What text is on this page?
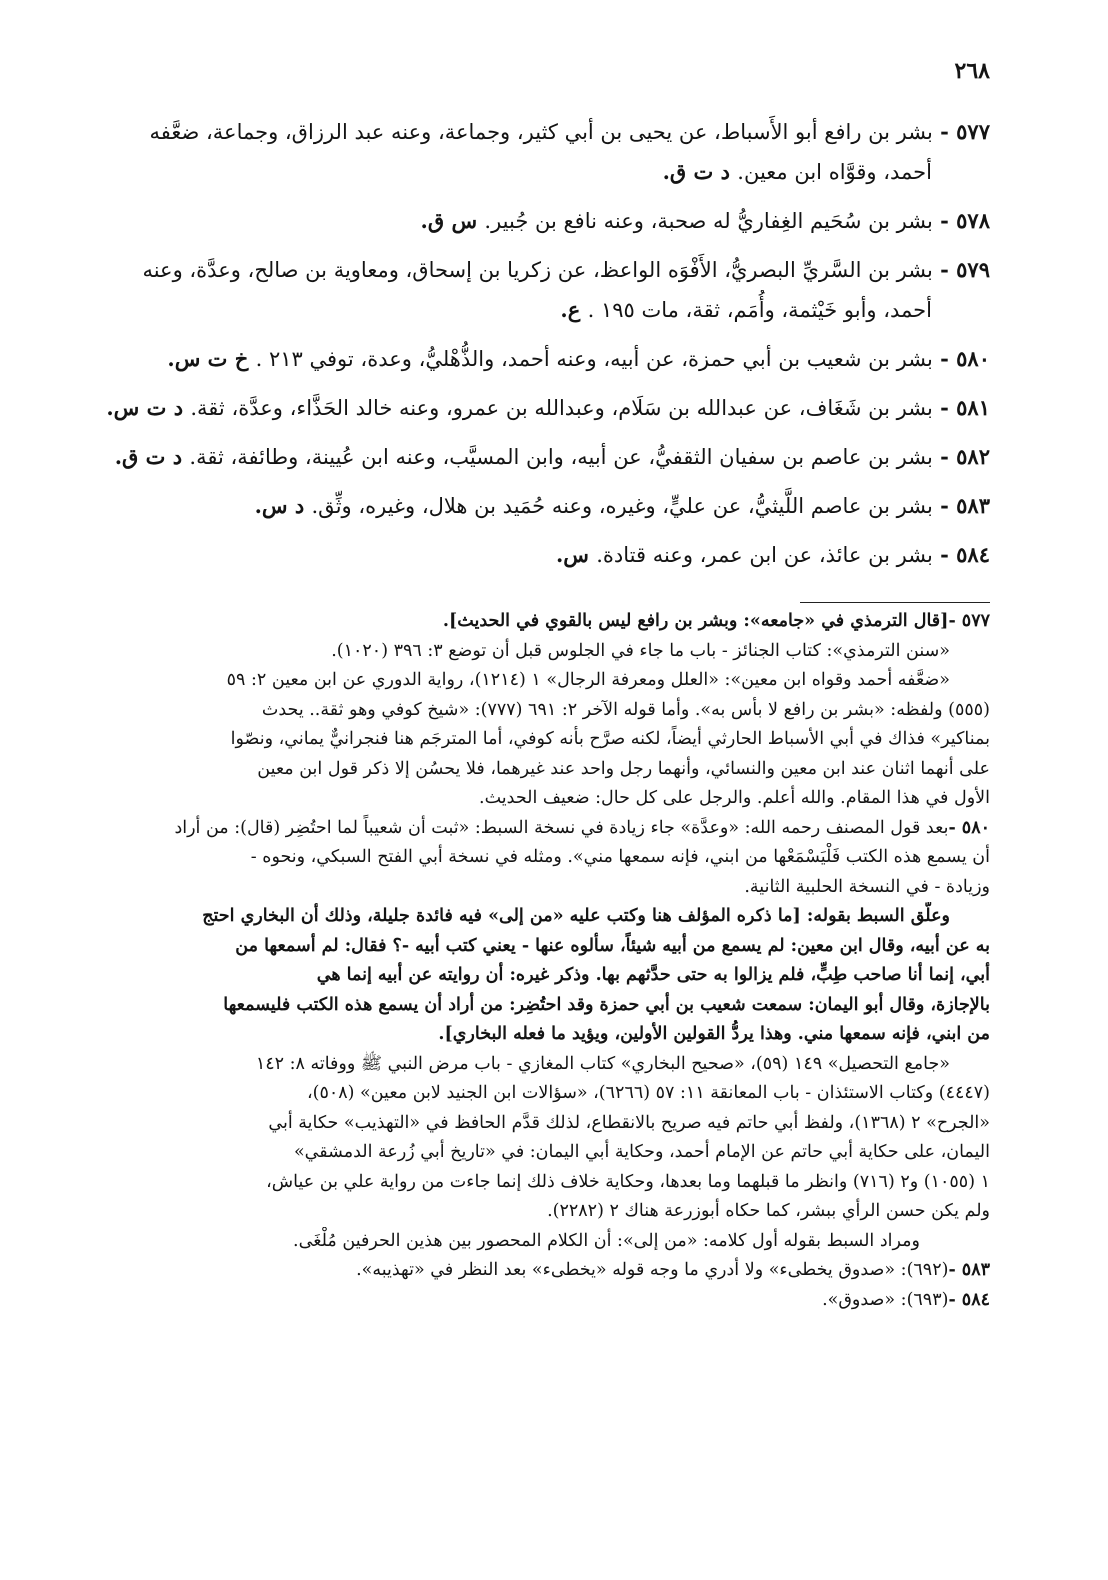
٢٦٨
٥٧٧ - بشر بن رافع أبو الأَسباط، عن يحيى بن أبي كثير، وجماعة، وعنه عبد الرزاق، وجماعة، ضعَّفه
أحمد، وقوَّاه ابن معين. د ت ق.
٥٧٨ - بشر بن سُحَيم الغِفاريُّ له صحبة، وعنه نافع بن جُبير. س ق.
٥٧٩ - بشر بن السَّريِّ البصريُّ، الأَفْوَه الواعظ، عن زكريا بن إسحاق، ومعاوية بن صالح، وعدَّة، وعنه
أحمد، وأبو خَيْثمة، وأُمَم، ثقة، مات ١٩٥ . ع.
٥٨٠ - بشر بن شعيب بن أبي حمزة، عن أبيه، وعنه أحمد، والذُّهْليُّ، وعدة، توفي ٢١٣ . خ ت س.
٥٨١ - بشر بن شَغَاف، عن عبدالله بن سَلَام، وعبدالله بن عمرو، وعنه خالد الحَذَّاء، وعدَّة، ثقة. د ت س.
٥٨٢ - بشر بن عاصم بن سفيان الثقفيُّ، عن أبيه، وابن المسيَّب، وعنه ابن عُيينة، وطائفة، ثقة. د ت ق.
٥٨٣ - بشر بن عاصم اللَّيثيُّ، عن عليٍّ، وغيره، وعنه حُمَيد بن هلال، وغيره، وثِّق. د س.
٥٨٤ - بشر بن عائذ، عن ابن عمر، وعنه قتادة. س.
٥٧٧ -[قال الترمذي في «جامعه»: وبشر بن رافع ليس بالقوي في الحديث].
«سنن الترمذي»: كتاب الجنائز - باب ما جاء في الجلوس قبل أن توضع ٣: ٣٩٦ (١٠٢٠).
«ضعَّفه أحمد وقواه ابن معين»: «العلل ومعرفة الرجال» ١ (١٢١٤)، رواية الدوري عن ابن معين ٢: ٥٩
(٥٥٥) ولفظه: «بشر بن رافع لا بأس به». وأما قوله الآخر ٢: ٦٩١ (٧٧٧): «شيخ كوفي وهو ثقة.. يحدث
بمناكير» فذاك في أبي الأسباط الحارثي أيضاً، لكنه صرَّح بأنه كوفي، أما المترجَم هنا فنجرانيٌّ يماني، ونصّوا
على أنهما اثنان عند ابن معين والنسائي، وأنهما رجل واحد عند غيرهما، فلا يحسُن إلا ذكر قول ابن معين
الأول في هذا المقام. والله أعلم. والرجل على كل حال: ضعيف الحديث.
٥٨٠ -بعد قول المصنف رحمه الله: «وعدَّة» جاء زيادة في نسخة السبط: «ثبت أن شعيباً لما احتُضِر (قال): من أراد
أن يسمع هذه الكتب فَلْيَسْمَعْها من ابني، فإنه سمعها مني». ومثله في نسخة أبي الفتح السبكي، ونحوه -
وزيادة - في النسخة الحلبية الثانية.
وعلَّق السبط بقوله: [ما ذكره المؤلف هنا وكتب عليه «من إلى» فيه فائدة جليلة، وذلك أن البخاري احتج
به عن أبيه، وقال ابن معين: لم يسمع من أبيه شيئاً، سألوه عنها - يعني كتب أبيه -؟ فقال: لم أسمعها من
أبي، إنما أنا صاحب طِبٍّ، فلم يزالوا به حتى حدَّثهم بها. وذكر غيره: أن روايته عن أبيه إنما هي
بالإجازة، وقال أبو اليمان: سمعت شعيب بن أبي حمزة وقد احتُضِر: من أراد أن يسمع هذه الكتب فليسمعها
من ابني، فإنه سمعها مني. وهذا يردُّ القولين الأولين، ويؤيد ما فعله البخاري].
«جامع التحصيل» ١٤٩ (٥٩)، «صحيح البخاري» كتاب المغازي - باب مرض النبي ﷺ ووفاته ٨: ١٤٢
(٤٤٤٧) وكتاب الاستئذان - باب المعانقة ١١: ٥٧ (٦٢٦٦)، «سؤالات ابن الجنيد لابن معين» (٥٠٨)،
«الجرح» ٢ (١٣٦٨)، ولفظ أبي حاتم فيه صريح بالانقطاع، لذلك قدَّم الحافظ في «التهذيب» حكاية أبي
اليمان، على حكاية أبي حاتم عن الإمام أحمد، وحكاية أبي اليمان: في «تاريخ أبي زُرعة الدمشقي»
١ (١٠٥٥) و٢ (٧١٦) وانظر ما قبلهما وما بعدها، وحكاية خلاف ذلك إنما جاءت من رواية علي بن عياش،
ولم يكن حسن الرأي ببشر، كما حكاه أبوزرعة هناك ٢ (٢٢٨٢).
ومراد السبط بقوله أول كلامه: «من إلى»: أن الكلام المحصور بين هذين الحرفين مُلْغَى.
٥٨٣ -(٦٩٢): «صدوق يخطىء» ولا أدري ما وجه قوله «يخطىء» بعد النظر في «تهذيبه».
٥٨٤ -(٦٩٣): «صدوق».
